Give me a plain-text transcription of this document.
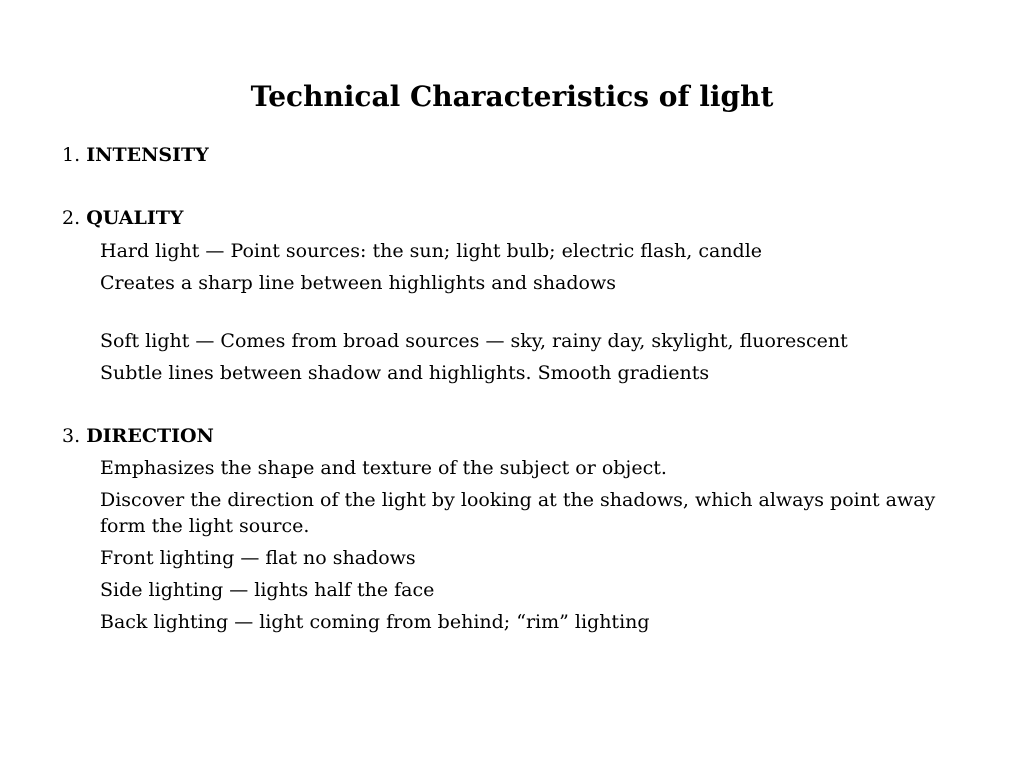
Technical Characteristics of light
1. INTENSITY
2. QUALITY
Hard light — Point sources: the sun; light bulb; electric flash, candle
Creates a sharp line between highlights and shadows
Soft light — Comes from broad sources — sky, rainy day, skylight, fluorescent
Subtle lines between shadow and highlights. Smooth gradients
3. DIRECTION
Emphasizes the shape and texture of the subject or object.
Discover the direction of the light by looking at the shadows, which always point away form the light source.
Front lighting — flat no shadows
Side lighting — lights half the face
Back lighting — light coming from behind; “rim” lighting
